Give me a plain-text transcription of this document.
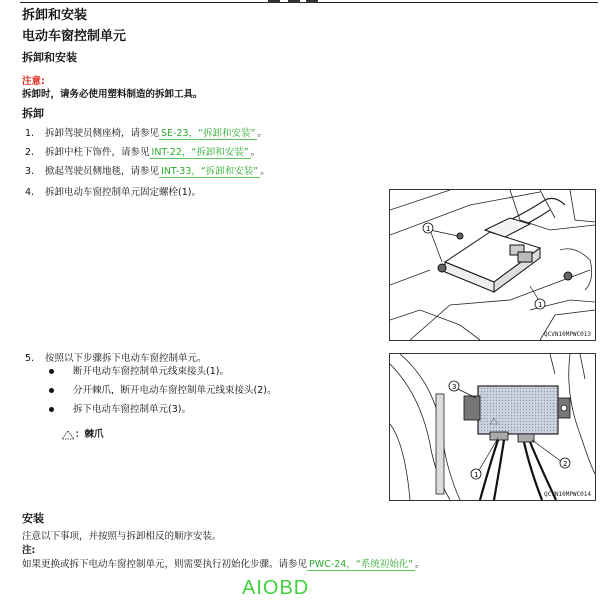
拆卸和安装
电动车窗控制单元
拆卸和安装
注意:
拆卸时，请务必使用塑料制造的拆卸工具。
拆卸
1. 拆卸驾驶员侧座椅，请参见 SE-23，“拆卸和安装” 。
2. 拆卸中柱下饰件，请参见 INT-22，“拆卸和安装” 。
3. 掀起驾驶员侧地毯，请参见 INT-33，“拆卸和安装” 。
4. 拆卸电动车窗控制单元固定螺栓(1)。
1
1
QCVN10MPWC013
5. 按照以下步骤拆下电动车窗控制单元。
断开电动车窗控制单元线束接头(1)。
分开棘爪，断开电动车窗控制单元线束接头(2)。
拆下电动车窗控制单元(3)。
：棘爪
3
1
2
QCVN10MPWC014
安装
注意以下事项，并按照与拆卸相反的顺序安装。
注:
如果更换或拆下电动车窗控制单元，则需要执行初始化步骤。请参见 PWC-24，“系统初始化” 。
AIOBD
